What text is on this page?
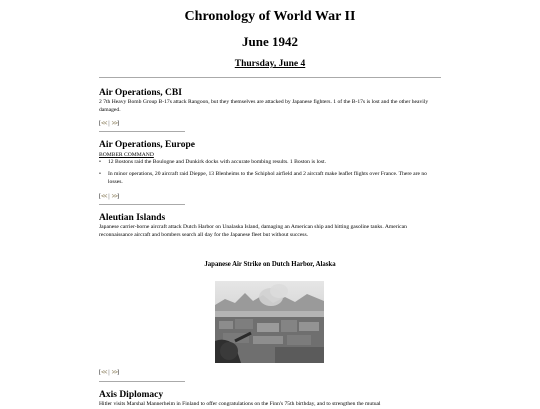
Chronology of World War II
June 1942
Thursday, June 4
Air Operations, CBI
2 7th Heavy Bomb Group B-17s attack Rangoon, but they themselves are attacked by Japanese fighters. 1 of the B-17s is lost and the other heavily damaged.
[ << | >> ]
Air Operations, Europe
BOMBER COMMAND
•	12 Bostons raid the Boulogne and Dunkirk docks with accurate bombing results. 1 Boston is lost.
•	In minor operations, 20 aircraft raid Dieppe, 13 Blenheims to the Schiphol airfield and 2 aircraft make leaflet flights over France. There are no losses.
[ << | >> ]
Aleutian Islands
Japanese carrier-borne aircraft attack Dutch Harbor on Unalaska Island, damaging an American ship and hitting gasoline tanks. American reconnaissance aircraft and bombers search all day for the Japanese fleet but without success.
Japanese Air Strike on Dutch Harbor, Alaska
[ << | >> ]
Axis Diplomacy
Hitler visits Marshal Mannerheim in Finland to offer congratulations on the Finn's 75th birthday, and to strengthen the mutual
